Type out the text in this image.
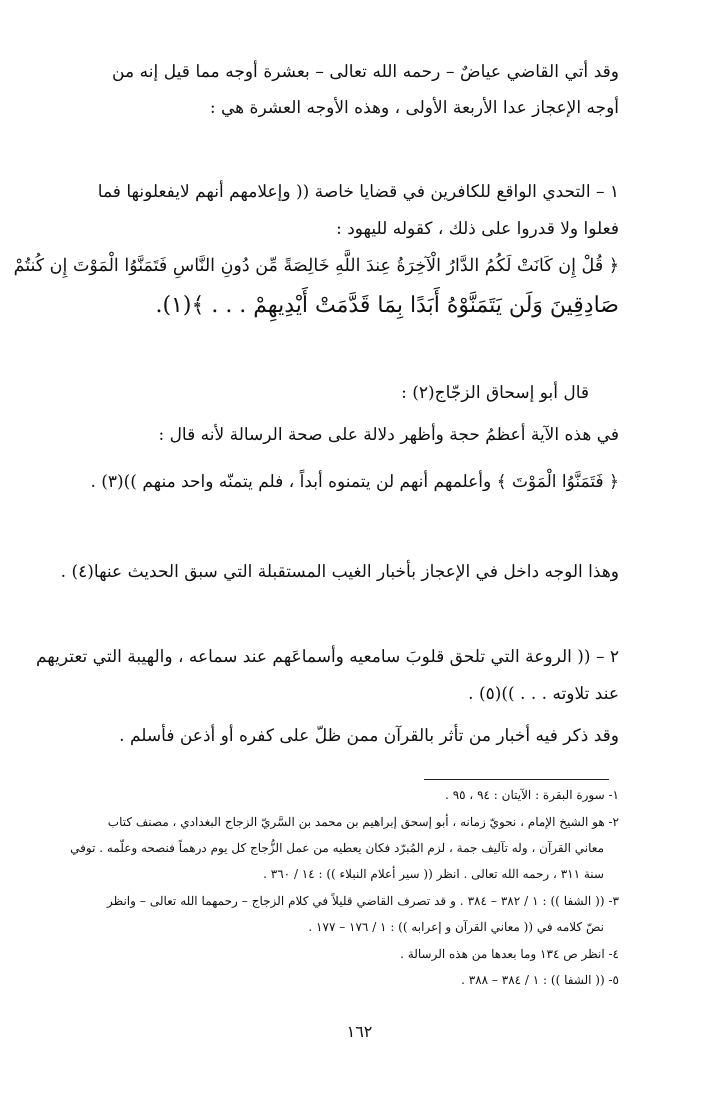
وقد أتي القاضي عياضٌ – رحمه الله تعالى – بعشرة أوجه مما قيل إنه من
أوجه الإعجاز عدا الأربعة الأولى ، وهذه الأوجه العشرة هي :
١ – التحدي الواقع للكافرين في قضايا خاصة (( وإعلامهم أنهم لايفعلونها فما
فعلوا ولا قدروا على ذلك ، كقوله لليهود :
﴿ قُلْ إِن كَانَتْ لَكُمُ الدَّارُ الْآخِرَةُ عِندَ اللَّهِ خَالِصَةً مِّن دُونِ النَّاسِ فَتَمَنَّوُا الْمَوْتَ إِن كُنتُمْ
صَادِقِينَ وَلَن يَتَمَنَّوْهُ أَبَدًا بِمَا قَدَّمَتْ أَيْدِيهِمْ . . . ﴾(١).
قال أبو إسحاق الزجّاج(٢) :
في هذه الآية أعظمُ حجة وأظهر دلالة على صحة الرسالة لأنه قال :
﴿ فَتَمَنَّوُا الْمَوْتَ ﴾ وأعلمهم أنهم لن يتمنوه أبداً ، فلم يتمنّه واحد منهم ))(٣) .
وهذا الوجه داخل في الإعجاز بأخبار الغيب المستقبلة التي سبق الحديث عنها(٤) .
٢ – (( الروعة التي تلحق قلوبَ سامعيه وأسماعَهم عند سماعه ، والهيبة التي تعتريهم
عند تلاوته . . . ))(٥) .
وقد ذكر فيه أخبار من تأثر بالقرآن ممن ظلّ على كفره أو أذعن فأسلم .
١- سورة البقرة : الآيتان : ٩٤ ، ٩٥ .
٢- هو الشيخ الإمام ، نحويّ زمانه ، أبو إسحق إبراهيم بن محمد بن السَّريّ الزجاج البغدادي ، مصنف كتاب
معاني القرآن ، وله تآليف جمة ، لزم المُبرّد فكان يعطيه من عمل الزُّجاج كل يوم درهماً فنصحه وعلّمه . توفي
سنة ٣١١ ، رحمه الله تعالى . انظر (( سير أعلام النبلاء )) : ١٤ / ٣٦٠ .
٣- (( الشفا )) : ١ / ٣٨٢ – ٣٨٤ . و قد تصرف القاضي قليلاً في كلام الزجاج – رحمهما الله تعالى – وانظر
نصّ كلامه في (( معاني القرآن و إعرابه )) : ١ / ١٧٦ – ١٧٧ .
٤- انظر ص ١٣٤ وما بعدها من هذه الرسالة .
٥- (( الشفا )) : ١ / ٣٨٤ – ٣٨٨ .
١٦٢
